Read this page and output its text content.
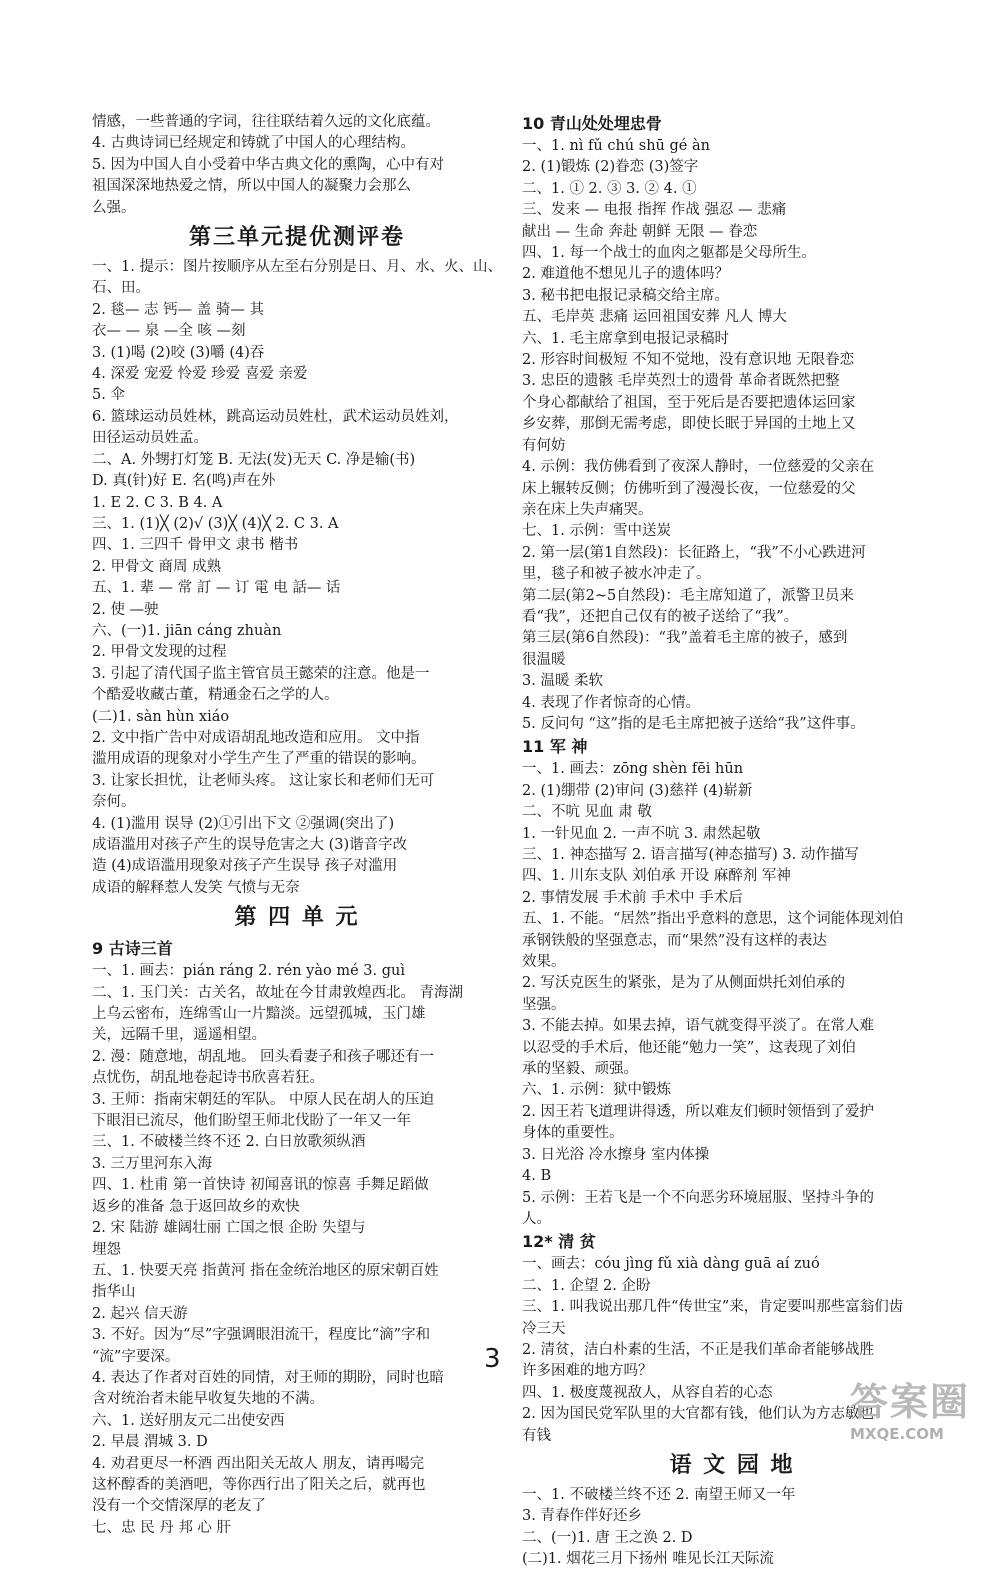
情感，一些普通的字词，往往联结着久远的文化底蕴。
4. 古典诗词已经规定和铸就了中国人的心理结构。
5. 因为中国人自小受着中华古典文化的熏陶，心中有对
祖国深深地热爱之情，所以中国人的凝聚力会那么
么强。
第三单元提优测评卷
一、1. 提示：图片按顺序从左至右分别是日、月、水、火、山、
石、田。
2. 毯— 志 钙— 盖 骑— 其
衣— — 泉 —全 咳 —刻
3. (1)喝 (2)咬 (3)嚼 (4)吞
4. 深爱 宠爱 怜爱 珍爱 喜爱 亲爱
5. 伞
6. 篮球运动员姓林，跳高运动员姓杜，武术运动员姓刘，
田径运动员姓孟。
二、A. 外甥打灯笼 B. 无法(发)无天 C. 净是输(书)
D. 真(针)好 E. 名(鸣)声在外
1. E 2. C 3. B 4. A
三、1. (1)╳ (2)√ (3)╳ (4)╳ 2. C 3. A
四、1. 三四千 骨甲文 隶书 楷书
2. 甲骨文 商周 成熟
五、1. 辈 — 常 訂 — 订 電 电 話— 话
2. 使 —驶
六、(一)1. jiān cáng zhuàn
2. 甲骨文发现的过程
3. 引起了清代国子监主管官员王懿荣的注意。他是一
个酷爱收藏古董，精通金石之学的人。
(二)1. sàn hùn xiáo
2. 文中指广告中对成语胡乱地改造和应用。 文中指
滥用成语的现象对小学生产生了严重的错误的影响。
3. 让家长担忧，让老师头疼。 这让家长和老师们无可
奈何。
4. (1)滥用 误导 (2)①引出下文 ②强调(突出了)
成语滥用对孩子产生的误导危害之大 (3)谐音字改
造 (4)成语滥用现象对孩子产生误导 孩子对滥用
成语的解释惹人发笑 气愤与无奈
第 四 单 元
9 古诗三首
一、1. 画去：pián ráng 2. rén yào mé 3. guì
二、1. 玉门关：古关名，故址在今甘肃敦煌西北。 青海湖
上乌云密布，连绵雪山一片黯淡。远望孤城，玉门雄
关，远隔千里，遥遥相望。
2. 漫：随意地，胡乱地。 回头看妻子和孩子哪还有一
点忧伤，胡乱地卷起诗书欣喜若狂。
3. 王师：指南宋朝廷的军队。 中原人民在胡人的压迫
下眼泪已流尽，他们盼望王师北伐盼了一年又一年
三、1. 不破楼兰终不还 2. 白日放歌须纵酒
3. 三万里河东入海
四、1. 杜甫 第一首快诗 初闻喜讯的惊喜 手舞足蹈做
返乡的准备 急于返回故乡的欢快
2. 宋 陆游 雄阔壮丽 亡国之恨 企盼 失望与
埋怨
五、1. 快要天亮 指黄河 指在金统治地区的原宋朝百姓
指华山
2. 起兴 信天游
3. 不好。因为“尽”字强调眼泪流干，程度比“滴”字和
“流”字要深。
4. 表达了作者对百姓的同情，对王师的期盼，同时也暗
含对统治者未能早收复失地的不满。
六、1. 送好朋友元二出使安西
2. 早晨 渭城 3. D
4. 劝君更尽一杯酒 西出阳关无故人 朋友，请再喝完
这杯醇香的美酒吧，等你西行出了阳关之后，就再也
没有一个交情深厚的老友了
七、忠 民 丹 邦 心 肝
10 青山处处埋忠骨
一、1. nì fǔ chú shū gé àn
2. (1)锻炼 (2)眷恋 (3)签字
二、1. ① 2. ③ 3. ② 4. ①
三、发来 — 电报 指挥 作战 强忍 — 悲痛
献出 — 生命 奔赴 朝鲜 无限 — 眷恋
四、1. 每一个战士的血肉之躯都是父母所生。
2. 难道他不想见儿子的遗体吗？
3. 秘书把电报记录稿交给主席。
五、毛岸英 悲痛 运回祖国安葬 凡人 博大
六、1. 毛主席拿到电报记录稿时
2. 形容时间极短 不知不觉地，没有意识地 无限眷恋
3. 忠臣的遗骸 毛岸英烈士的遗骨 革命者既然把整
个身心都献给了祖国，至于死后是否要把遗体运回家
乡安葬，那倒无需考虑，即使长眠于异国的土地上又
有何妨
4. 示例：我仿佛看到了夜深人静时，一位慈爱的父亲在
床上辗转反侧；仿佛听到了漫漫长夜，一位慈爱的父
亲在床上失声痛哭。
七、1. 示例：雪中送炭
2. 第一层(第1自然段)：长征路上，“我”不小心跌进河
里，毯子和被子被水冲走了。
第二层(第2~5自然段)：毛主席知道了，派警卫员来
看“我”，还把自己仅有的被子送给了“我”。
第三层(第6自然段)：“我”盖着毛主席的被子，感到
很温暖
3. 温暖 柔软
4. 表现了作者惊奇的心情。
5. 反问句 “这”指的是毛主席把被子送给“我”这件事。
11 军 神
一、1. 画去：zōng shèn fēi hūn
2. (1)绷带 (2)审问 (3)慈祥 (4)崭新
二、不吭 见血 肃 敬
1. 一针见血 2. 一声不吭 3. 肃然起敬
三、1. 神态描写 2. 语言描写(神态描写) 3. 动作描写
四、1. 川东支队 刘伯承 开设 麻醉剂 军神
2. 事情发展 手术前 手术中 手术后
五、1. 不能。“居然”指出乎意料的意思，这个词能体现刘伯
承钢铁般的坚强意志，而“果然”没有这样的表达
效果。
2. 写沃克医生的紧张，是为了从侧面烘托刘伯承的
坚强。
3. 不能去掉。如果去掉，语气就变得平淡了。在常人难
以忍受的手术后，他还能“勉力一笑”，这表现了刘伯
承的坚毅、顽强。
六、1. 示例：狱中锻炼
2. 因王若飞道理讲得透，所以难友们顿时领悟到了爱护
身体的重要性。
3. 日光浴 冷水擦身 室内体操
4. B
5. 示例：王若飞是一个不向恶劣环境屈服、坚持斗争的
人。
12* 清 贫
一、画去：cóu jìng fǔ xià dàng guā aí zuó
二、1. 企望 2. 企盼
三、1. 叫我说出那几件“传世宝”来，肯定要叫那些富翁们齿
冷三天
2. 清贫，洁白朴素的生活，不正是我们革命者能够战胜
许多困难的地方吗？
四、1. 极度蔑视敌人，从容自若的心态
2. 因为国民党军队里的大官都有钱，他们认为方志敏也
有钱
语 文 园 地
一、1. 不破楼兰终不还 2. 南望王师又一年
3. 青春作伴好还乡
二、(一)1. 唐 王之涣 2. D
(二)1. 烟花三月下扬州 唯见长江天际流
3
答案圈
MXQE.COM
